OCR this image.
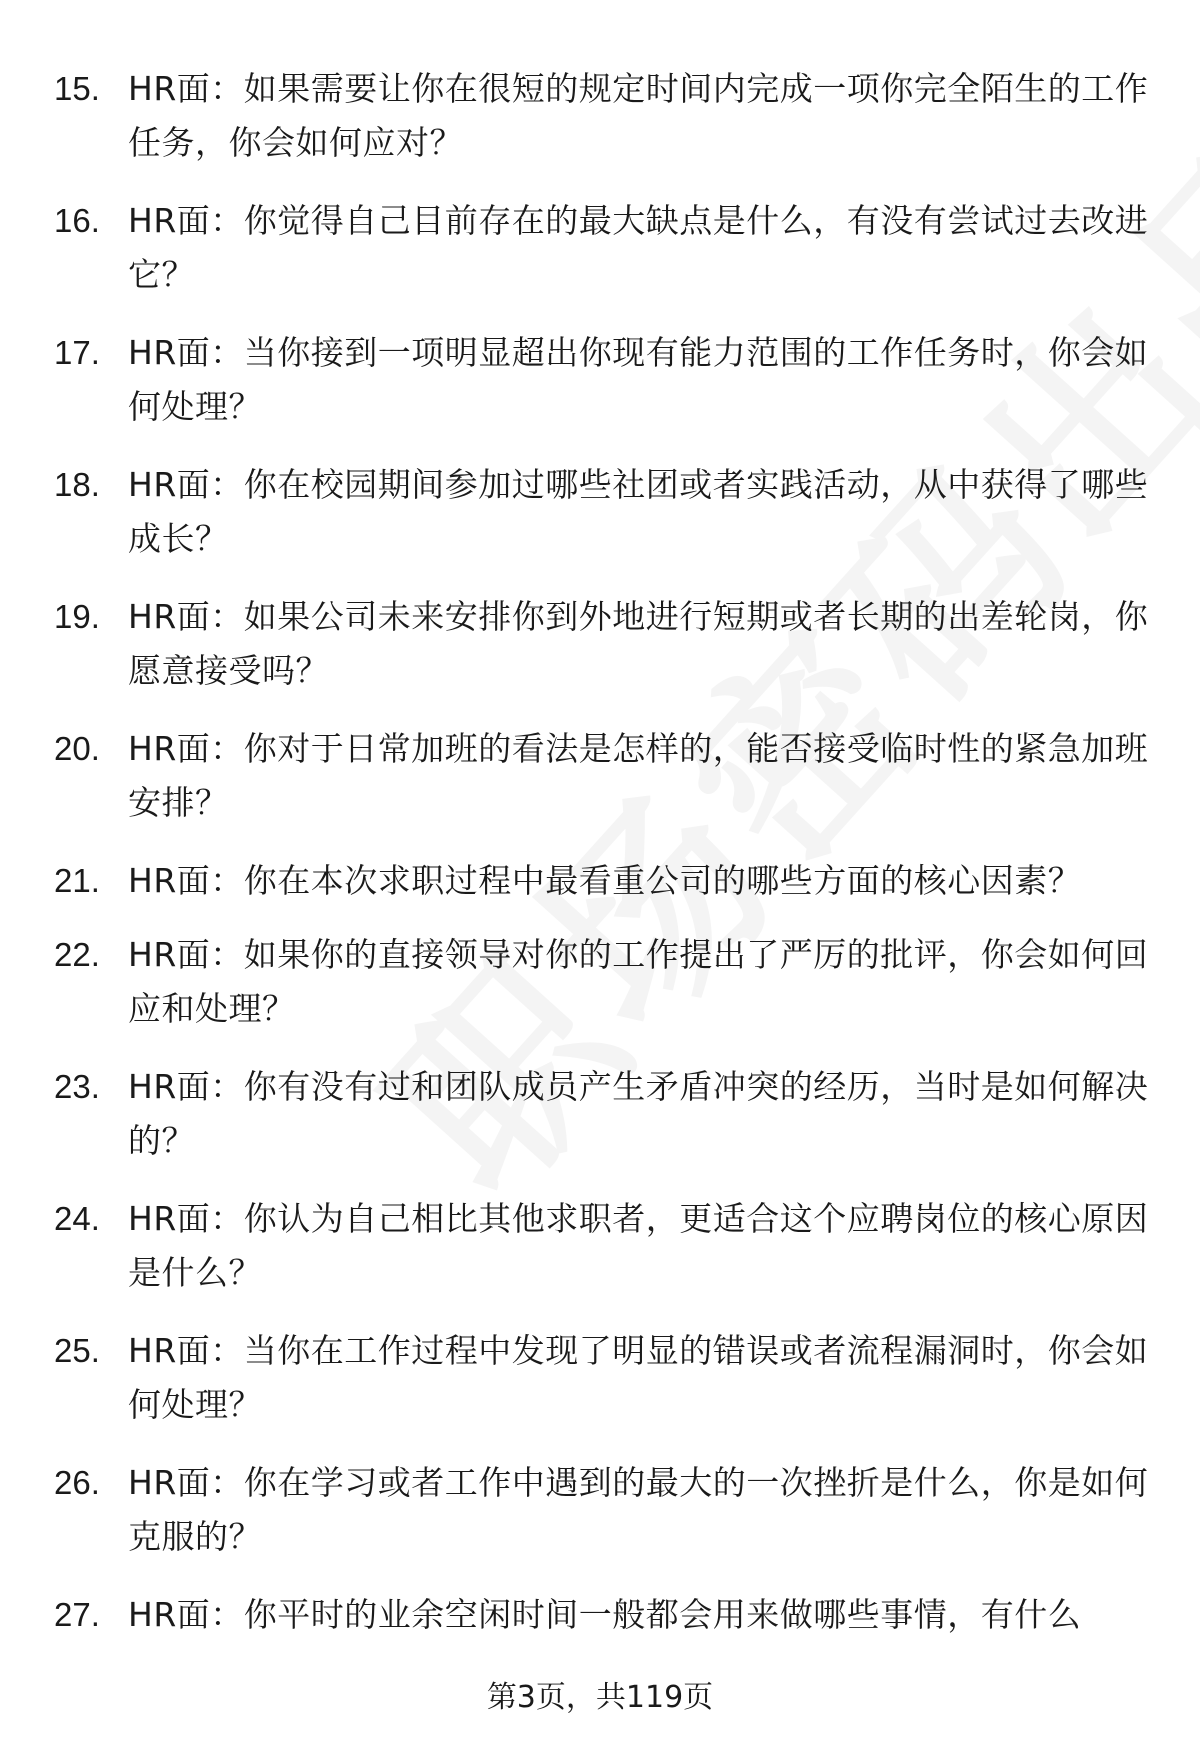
15. HR面：如果需要让你在很短的规定时间内完成一项你完全陌生的工作任务，你会如何应对？
16. HR面：你觉得自己目前存在的最大缺点是什么，有没有尝试过去改进它？
17. HR面：当你接到一项明显超出你现有能力范围的工作任务时，你会如何处理？
18. HR面：你在校园期间参加过哪些社团或者实践活动，从中获得了哪些成长？
19. HR面：如果公司未来安排你到外地进行短期或者长期的出差轮岗，你愿意接受吗？
20. HR面：你对于日常加班的看法是怎样的，能否接受临时性的紧急加班安排？
21. HR面：你在本次求职过程中最看重公司的哪些方面的核心因素？
22. HR面：如果你的直接领导对你的工作提出了严厉的批评，你会如何回应和处理？
23. HR面：你有没有过和团队成员产生矛盾冲突的经历，当时是如何解决的？
24. HR面：你认为自己相比其他求职者，更适合这个应聘岗位的核心原因是什么？
25. HR面：当你在工作过程中发现了明显的错误或者流程漏洞时，你会如何处理？
26. HR面：你在学习或者工作中遇到的最大的一次挫折是什么，你是如何克服的？
27. HR面：你平时的业余空闲时间一般都会用来做哪些事情，有什么
第3页，共119页
